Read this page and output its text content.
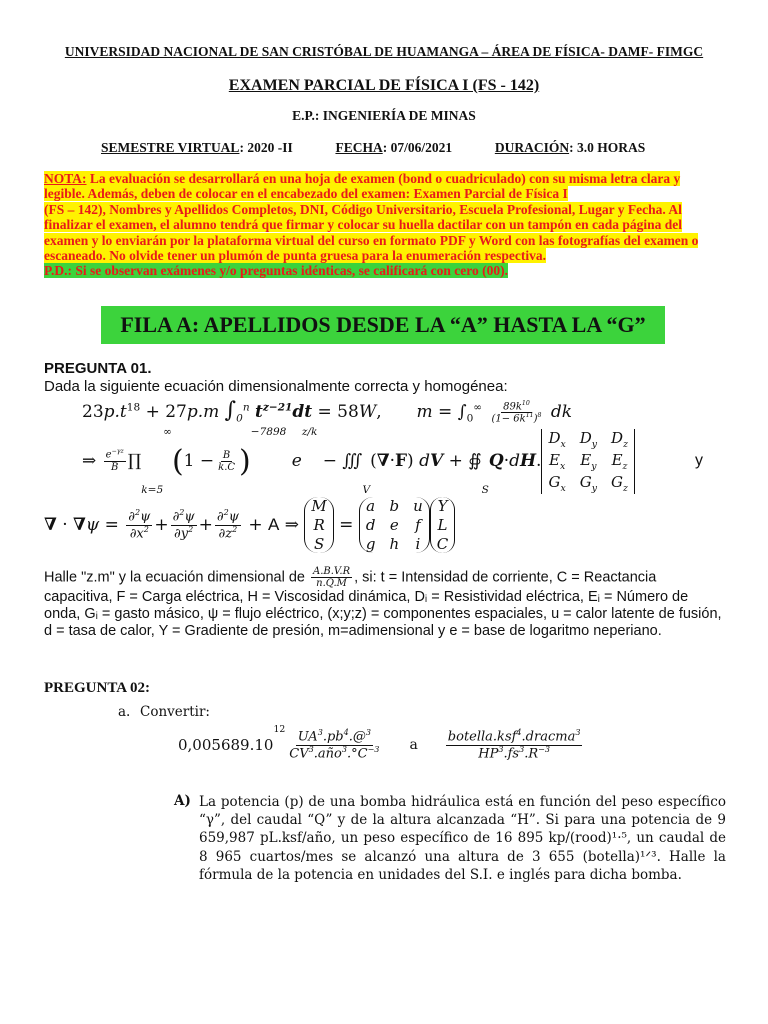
UNIVERSIDAD NACIONAL DE SAN CRISTÓBAL DE HUAMANGA – ÁREA DE FÍSICA- DAMF- FIMGC
EXAMEN PARCIAL DE FÍSICA I (FS - 142)
E.P.: INGENIERÍA DE MINAS
SEMESTRE VIRTUAL: 2020 -II	FECHA: 07/06/2021	DURACIÓN: 3.0 HORAS
NOTA: La evaluación se desarrollará en una hoja de examen (bond o cuadriculado) con su misma letra clara y legible. Además, deben de colocar en el encabezado del examen: Examen Parcial de Física I
(FS – 142), Nombres y Apellidos Completos, DNI, Código Universitario, Escuela Profesional, Lugar y Fecha. Al finalizar el examen, el alumno tendrá que firmar y colocar su huella dactilar con un tampón en cada página del examen y lo enviarán por la plataforma virtual del curso en formato PDF y Word con las fotografías del examen o escaneado. No olvide tener un plumón de punta gruesa para la enumeración respectiva.
P.D.: Si se observan exámenes y/o preguntas idénticas, se calificará con cero (00).
FILA A: APELLIDOS DESDE LA “A” HASTA LA “G”
PREGUNTA 01.
Dada la siguiente ecuación dimensionalmente correcta y homogénea:
$23p.t^{18} + 27p.m$ $\int_0^n$ $t^{z-21}dt = 58W$,  $m = \int_0^\infty \frac{89k^{10}}{(1- 6k^{11})^8}$ dk
⇒ $\frac{e^{-\gamma z}}{B}$ ∏
k=5
∞
( $1 - \frac{B}{k.C}$ )
−7898
e
z/k
− ∭
V
( ∇ · F ) d V + ∯
S
Q · d H .
$D_x$ $D_y$ $D_z$
$E_x$ $E_y$ $E_z$
$G_x$ $G_y$ $G_z$
y
∇ · ∇ $\psi = \frac{\partial^2\psi}{\partial x^2} + \frac{\partial^2\psi}{\partial y^2} + \frac{\partial^2\psi}{\partial z^2} + A$ ⇒
M
R
S
=
a b u
d e f
g h i
Y
L
C
Halle "z.m" y la ecuación dimensional de $\frac{A.B.V.R}{n.Q.M}$ , si: t = Intensidad de corriente, C = Reactancia capacitiva, F = Carga eléctrica, H = Viscosidad dinámica, Dᵢ = Resistividad eléctrica, Eᵢ = Número de onda, Gᵢ = gasto másico, ψ = flujo eléctrico, (x;y;z) = componentes espaciales, u = calor latente de fusión, d = tasa de calor, Y = Gradiente de presión, m=adimensional y e = base de logaritmo neperiano.
PREGUNTA 02:
a. Convertir:
0,005689.10
$12 \frac{UA^3.pb^4.@^3}{CV^3.año^3.^\circ C^{-3}}$ a $\frac{botella.ksf^4.dracma^3}{HP^3.fs^3.R^{-3}}$
A) La potencia (p) de una bomba hidráulica está en función del peso específico “γ”, del caudal “Q” y de la altura alcanzada “H”. Si para una potencia de 9 659,987 pL.ksf/año, un peso específico de 16 895 kp/(rood)¹·⁵, un caudal de 8 965 cuartos/mes se alcanzó una altura de 3 655 (botella)¹ᐟ³. Halle la fórmula de la potencia en unidades del S.I. e inglés para dicha bomba.
